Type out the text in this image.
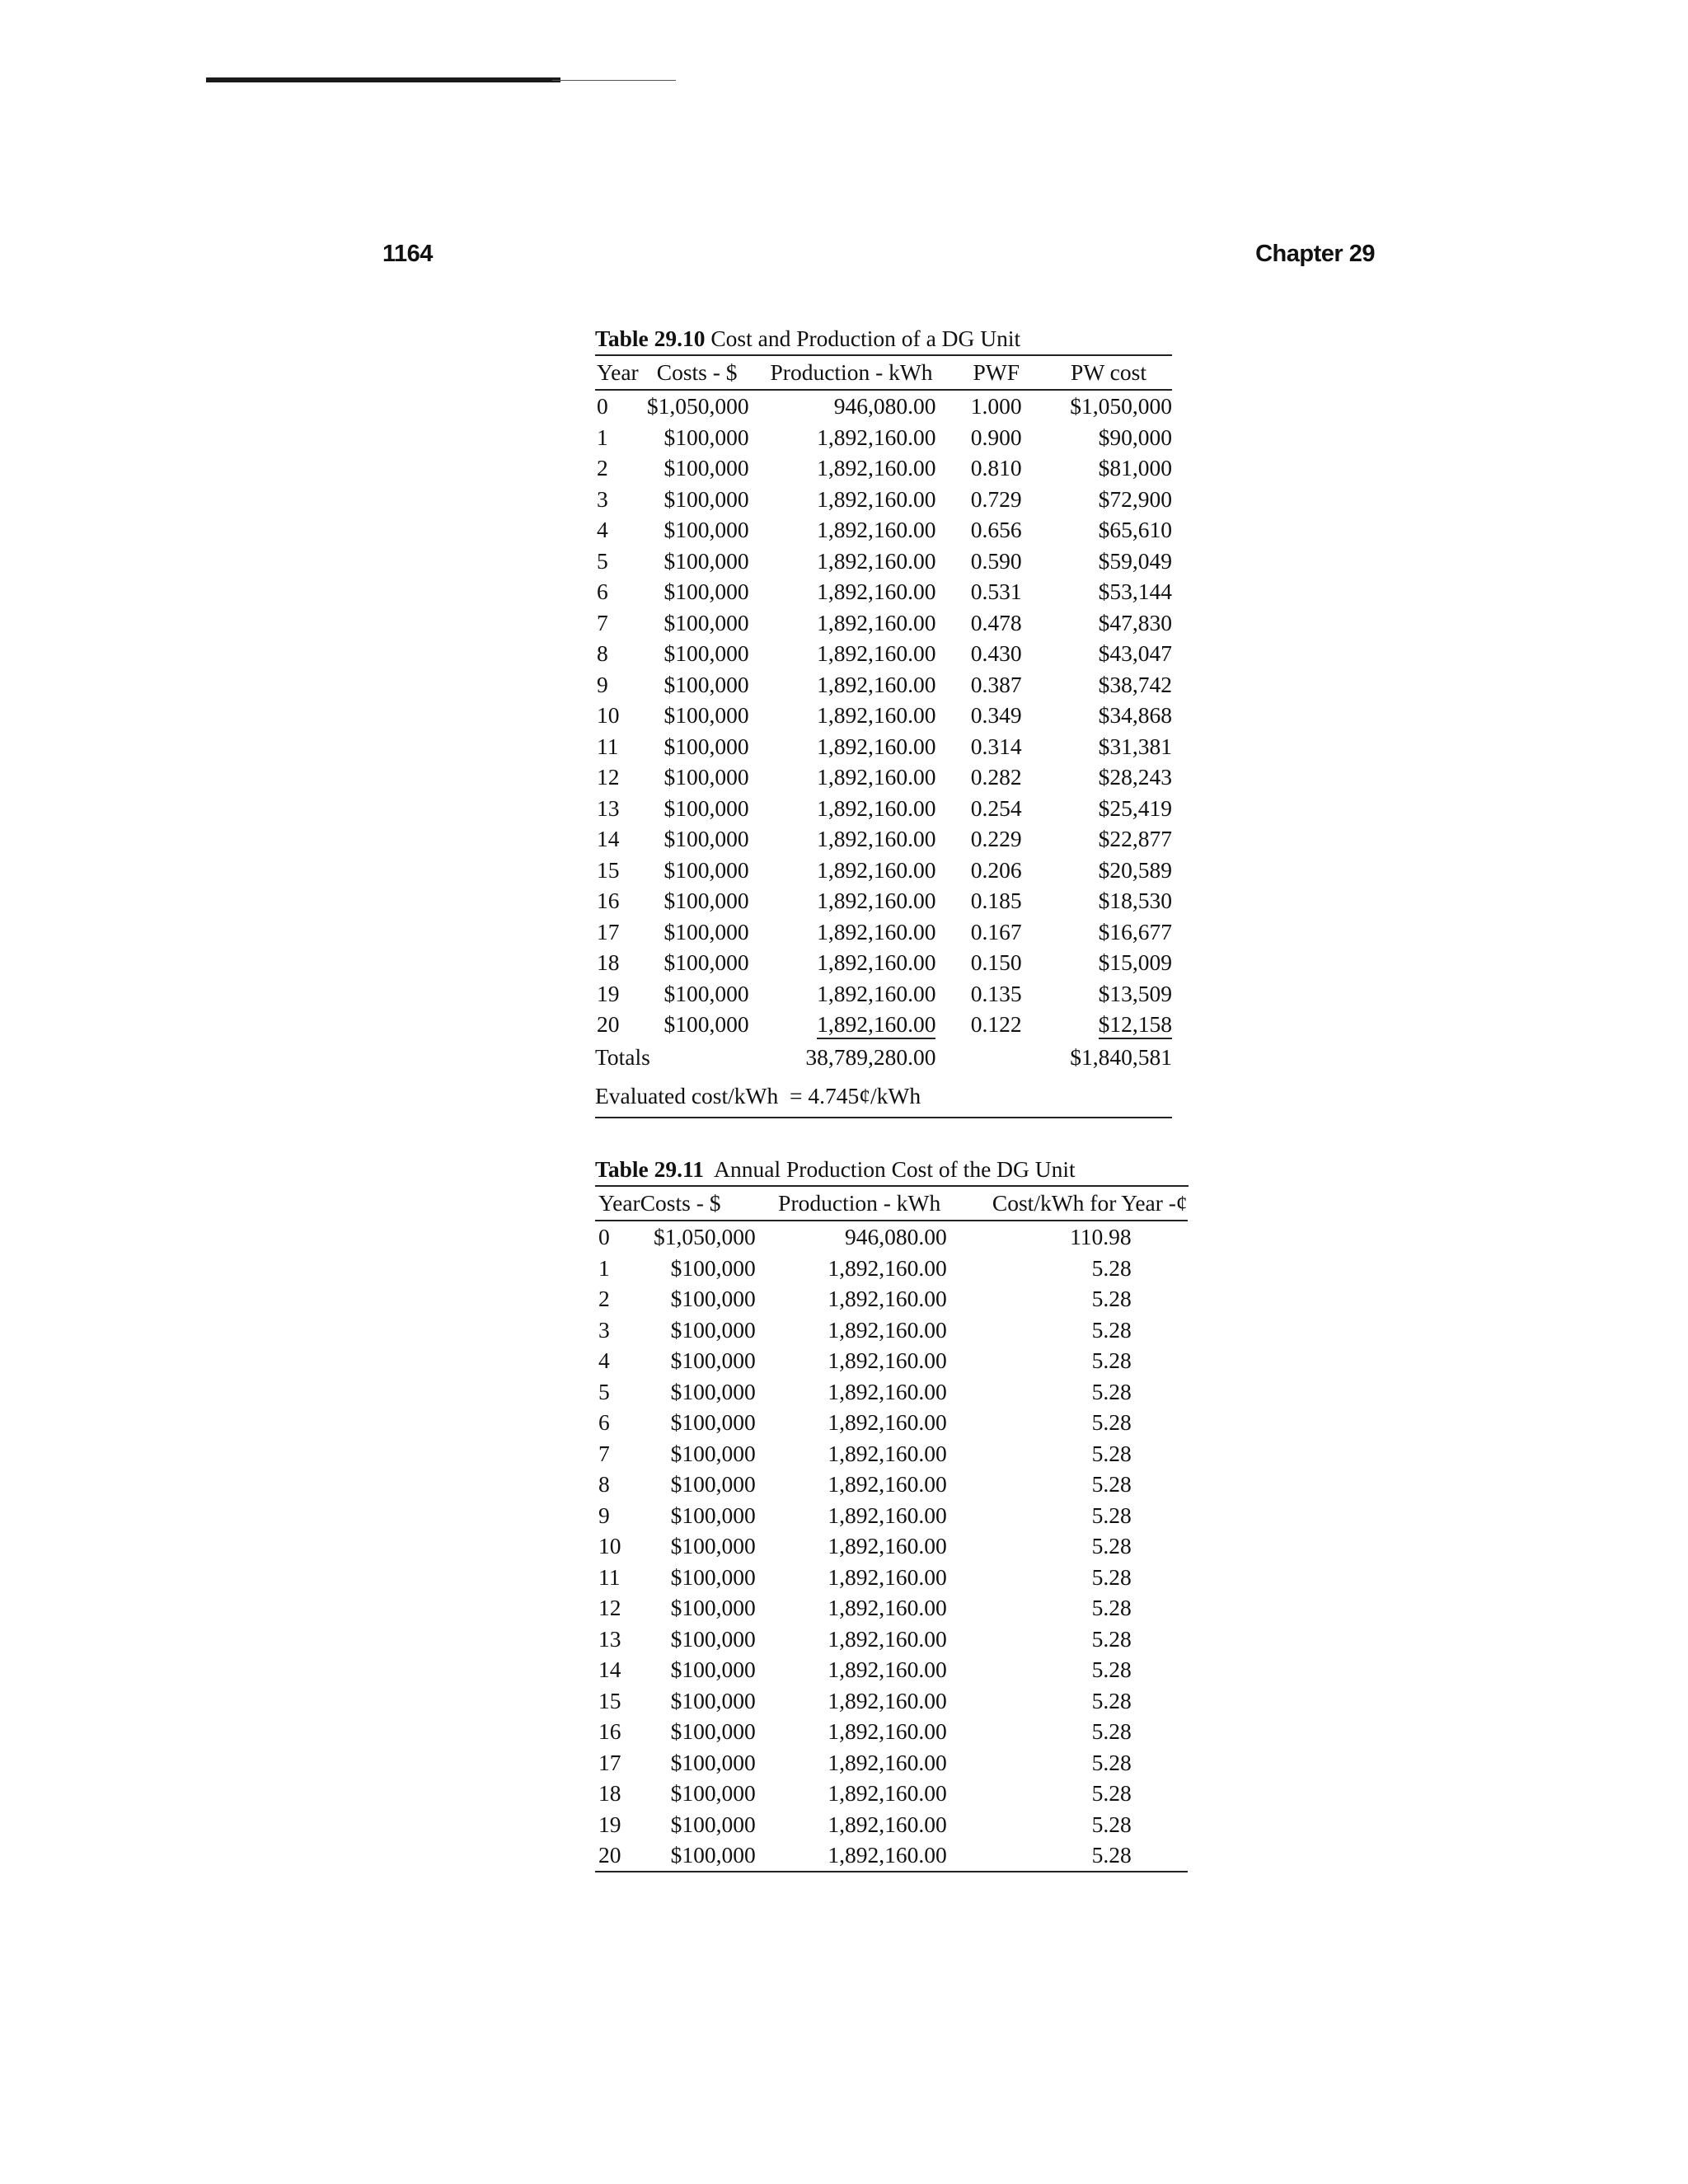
1164	Chapter 29
Table 29.10 Cost and Production of a DG Unit
Year	Costs - $	Production - kWh	PWF	PW cost
0	$1,050,000	946,080.00	1.000	$1,050,000
1	$100,000	1,892,160.00	0.900	$90,000
2	$100,000	1,892,160.00	0.810	$81,000
3	$100,000	1,892,160.00	0.729	$72,900
4	$100,000	1,892,160.00	0.656	$65,610
5	$100,000	1,892,160.00	0.590	$59,049
6	$100,000	1,892,160.00	0.531	$53,144
7	$100,000	1,892,160.00	0.478	$47,830
8	$100,000	1,892,160.00	0.430	$43,047
9	$100,000	1,892,160.00	0.387	$38,742
10	$100,000	1,892,160.00	0.349	$34,868
11	$100,000	1,892,160.00	0.314	$31,381
12	$100,000	1,892,160.00	0.282	$28,243
13	$100,000	1,892,160.00	0.254	$25,419
14	$100,000	1,892,160.00	0.229	$22,877
15	$100,000	1,892,160.00	0.206	$20,589
16	$100,000	1,892,160.00	0.185	$18,530
17	$100,000	1,892,160.00	0.167	$16,677
18	$100,000	1,892,160.00	0.150	$15,009
19	$100,000	1,892,160.00	0.135	$13,509
20	$100,000	1,892,160.00	0.122	$12,158
Totals		38,789,280.00		$1,840,581
Evaluated cost/kWh  = 4.745¢/kWh
Table 29.11  Annual Production Cost of the DG Unit
Year	Costs - $	Production - kWh	Cost/kWh for Year -¢
0	$1,050,000	946,080.00	110.98
1	$100,000	1,892,160.00	5.28
2	$100,000	1,892,160.00	5.28
3	$100,000	1,892,160.00	5.28
4	$100,000	1,892,160.00	5.28
5	$100,000	1,892,160.00	5.28
6	$100,000	1,892,160.00	5.28
7	$100,000	1,892,160.00	5.28
8	$100,000	1,892,160.00	5.28
9	$100,000	1,892,160.00	5.28
10	$100,000	1,892,160.00	5.28
11	$100,000	1,892,160.00	5.28
12	$100,000	1,892,160.00	5.28
13	$100,000	1,892,160.00	5.28
14	$100,000	1,892,160.00	5.28
15	$100,000	1,892,160.00	5.28
16	$100,000	1,892,160.00	5.28
17	$100,000	1,892,160.00	5.28
18	$100,000	1,892,160.00	5.28
19	$100,000	1,892,160.00	5.28
20	$100,000	1,892,160.00	5.28
